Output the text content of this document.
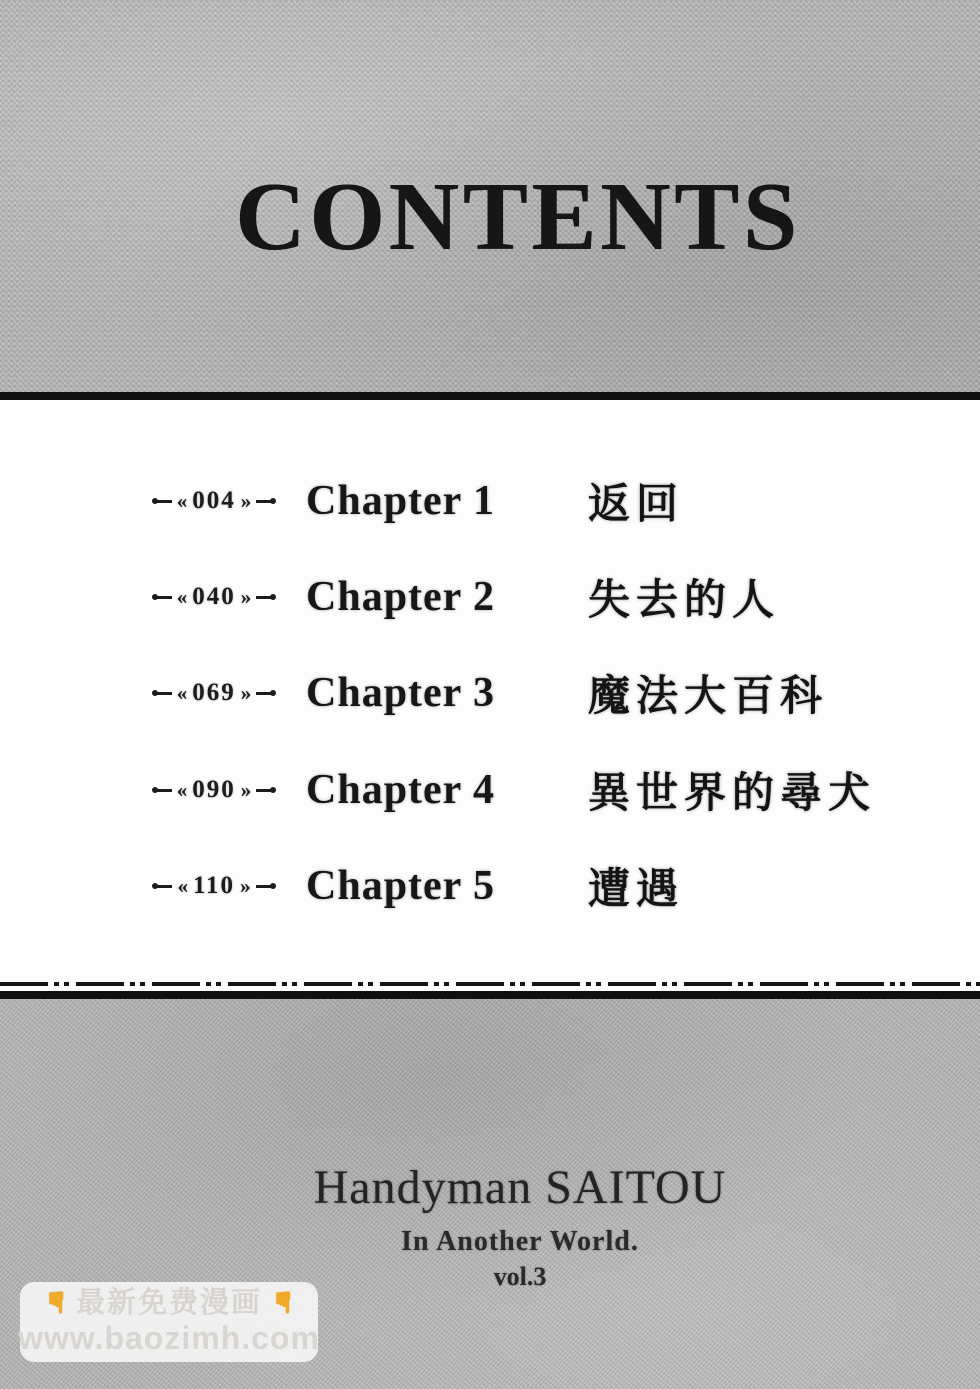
CONTENTS
« 004 » Chapter 1	返回
« 040 » Chapter 2	失去的人
« 069 » Chapter 3	魔法大百科
« 090 » Chapter 4	異世界的尋犬
« 110 » Chapter 5	遭遇
Handyman SAITOU
In Another World.
vol.3
☛ 最新免费漫画 ☛
www.baozimh.com
